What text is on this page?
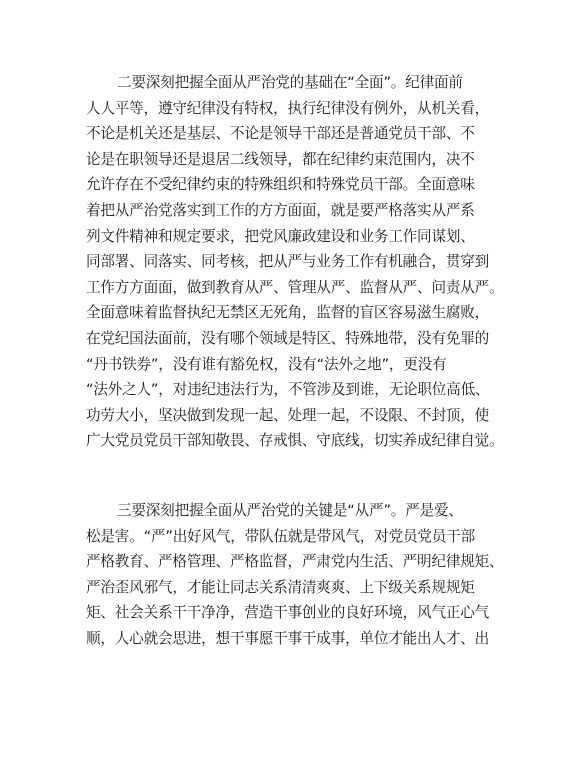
二要深刻把握全面从严治党的基础在“全面”。纪律面前
人人平等，遵守纪律没有特权，执行纪律没有例外，从机关看，
不论是机关还是基层、不论是领导干部还是普通党员干部、不
论是在职领导还是退居二线领导，都在纪律约束范围内，决不
允许存在不受纪律约束的特殊组织和特殊党员干部。全面意味
着把从严治党落实到工作的方方面面，就是要严格落实从严系
列文件精神和规定要求，把党风廉政建设和业务工作同谋划、
同部署、同落实、同考核，把从严与业务工作有机融合，贯穿到
工作方方面面，做到教育从严、管理从严、监督从严、问责从严。
全面意味着监督执纪无禁区无死角，监督的盲区容易滋生腐败，
在党纪国法面前，没有哪个领域是特区、特殊地带，没有免罪的
“丹书铁券”，没有谁有豁免权，没有“法外之地”，更没有
“法外之人”，对违纪违法行为，不管涉及到谁，无论职位高低、
功劳大小，坚决做到发现一起、处理一起，不设限、不封顶，使
广大党员党员干部知敬畏、存戒惧、守底线，切实养成纪律自觉。
三要深刻把握全面从严治党的关键是“从严”。严是爱、
松是害。“严”出好风气，带队伍就是带风气，对党员党员干部
严格教育、严格管理、严格监督，严肃党内生活、严明纪律规矩、
严治歪风邪气，才能让同志关系清清爽爽、上下级关系规规矩
矩、社会关系干干净净，营造干事创业的良好环境，风气正心气
顺，人心就会思进，想干事愿干事干成事，单位才能出人才、出
